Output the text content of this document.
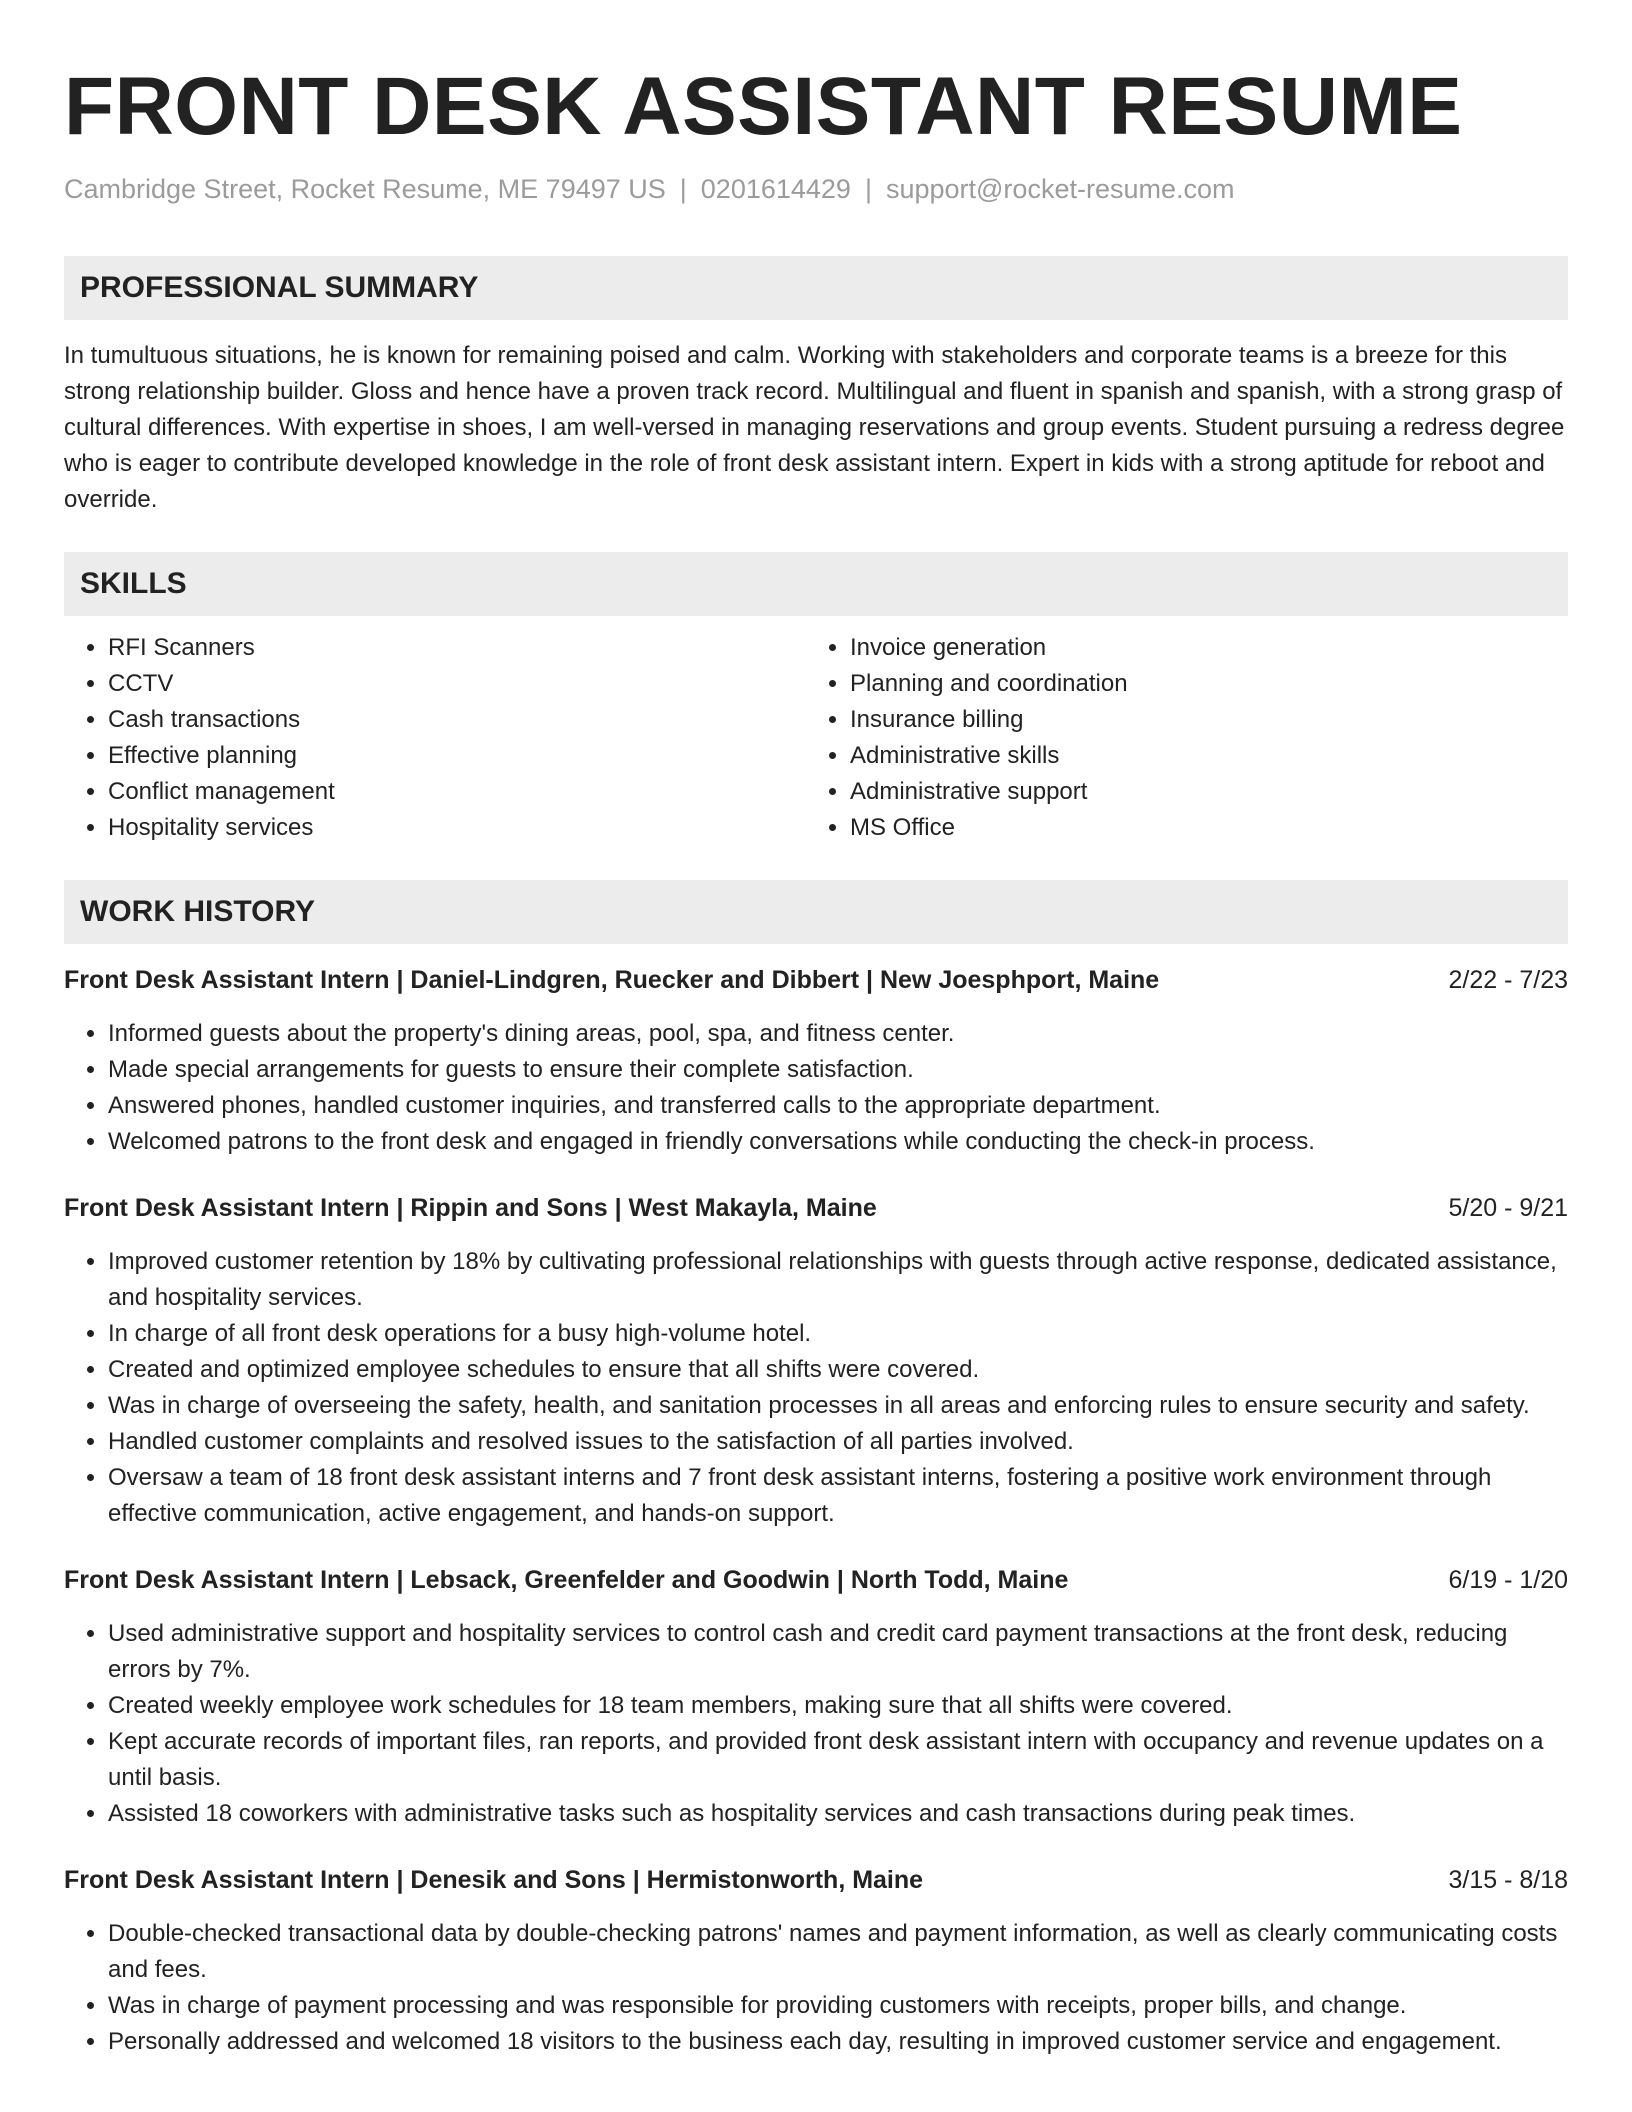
FRONT DESK ASSISTANT RESUME
Cambridge Street, Rocket Resume, ME 79497 US | 0201614429 | support@rocket-resume.com
PROFESSIONAL SUMMARY
In tumultuous situations, he is known for remaining poised and calm. Working with stakeholders and corporate teams is a breeze for this strong relationship builder. Gloss and hence have a proven track record. Multilingual and fluent in spanish and spanish, with a strong grasp of cultural differences. With expertise in shoes, I am well-versed in managing reservations and group events. Student pursuing a redress degree who is eager to contribute developed knowledge in the role of front desk assistant intern. Expert in kids with a strong aptitude for reboot and override.
SKILLS
• RFI Scanners
• CCTV
• Cash transactions
• Effective planning
• Conflict management
• Hospitality services
• Invoice generation
• Planning and coordination
• Insurance billing
• Administrative skills
• Administrative support
• MS Office
WORK HISTORY
Front Desk Assistant Intern | Daniel-Lindgren, Ruecker and Dibbert | New Joesphport, Maine	2/22 - 7/23
• Informed guests about the property's dining areas, pool, spa, and fitness center.
• Made special arrangements for guests to ensure their complete satisfaction.
• Answered phones, handled customer inquiries, and transferred calls to the appropriate department.
• Welcomed patrons to the front desk and engaged in friendly conversations while conducting the check-in process.
Front Desk Assistant Intern | Rippin and Sons | West Makayla, Maine	5/20 - 9/21
• Improved customer retention by 18% by cultivating professional relationships with guests through active response, dedicated assistance, and hospitality services.
• In charge of all front desk operations for a busy high-volume hotel.
• Created and optimized employee schedules to ensure that all shifts were covered.
• Was in charge of overseeing the safety, health, and sanitation processes in all areas and enforcing rules to ensure security and safety.
• Handled customer complaints and resolved issues to the satisfaction of all parties involved.
• Oversaw a team of 18 front desk assistant interns and 7 front desk assistant interns, fostering a positive work environment through effective communication, active engagement, and hands-on support.
Front Desk Assistant Intern | Lebsack, Greenfelder and Goodwin | North Todd, Maine	6/19 - 1/20
• Used administrative support and hospitality services to control cash and credit card payment transactions at the front desk, reducing errors by 7%.
• Created weekly employee work schedules for 18 team members, making sure that all shifts were covered.
• Kept accurate records of important files, ran reports, and provided front desk assistant intern with occupancy and revenue updates on a until basis.
• Assisted 18 coworkers with administrative tasks such as hospitality services and cash transactions during peak times.
Front Desk Assistant Intern | Denesik and Sons | Hermistonworth, Maine	3/15 - 8/18
• Double-checked transactional data by double-checking patrons' names and payment information, as well as clearly communicating costs and fees.
• Was in charge of payment processing and was responsible for providing customers with receipts, proper bills, and change.
• Personally addressed and welcomed 18 visitors to the business each day, resulting in improved customer service and engagement.
